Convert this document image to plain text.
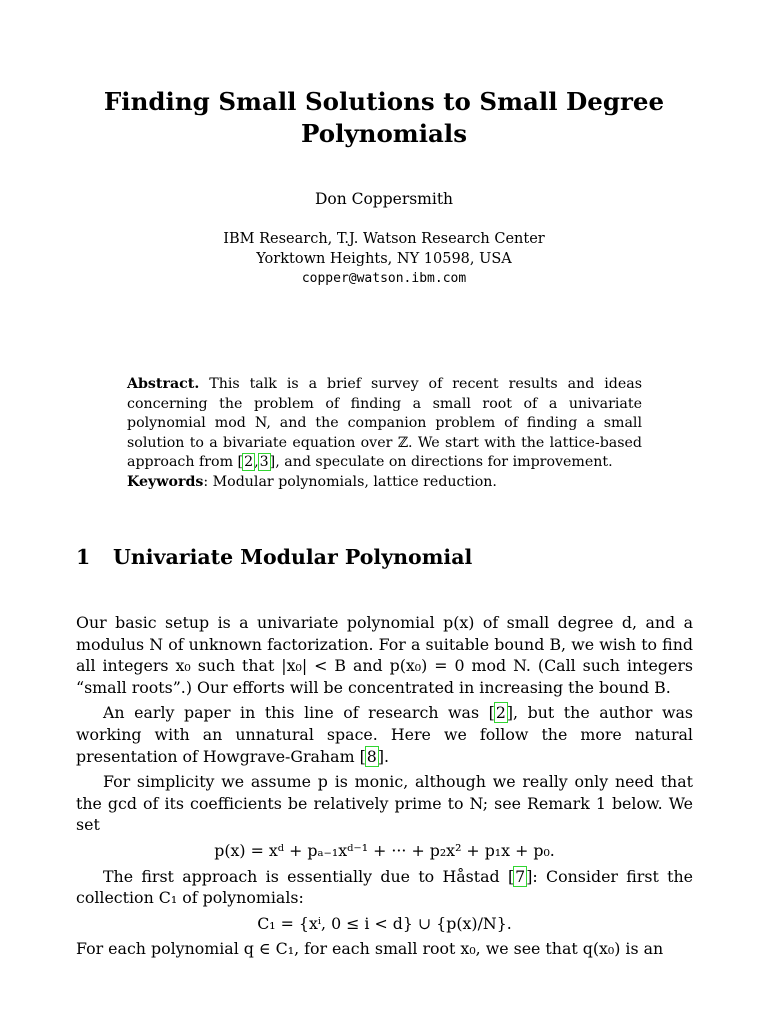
Finding Small Solutions to Small Degree Polynomials
Don Coppersmith
IBM Research, T.J. Watson Research Center
Yorktown Heights, NY 10598, USA
copper@watson.ibm.com
Abstract. This talk is a brief survey of recent results and ideas concerning the problem of finding a small root of a univariate polynomial mod N, and the companion problem of finding a small solution to a bivariate equation over ℤ. We start with the lattice-based approach from [2,3], and speculate on directions for improvement.
Keywords: Modular polynomials, lattice reduction.
1 Univariate Modular Polynomial

Our basic setup is a univariate polynomial p(x) of small degree d, and a modulus N of unknown factorization. For a suitable bound B, we wish to find all integers x₀ such that |x₀| < B and p(x₀) = 0 mod N. (Call such integers “small roots”.) Our efforts will be concentrated in increasing the bound B.

An early paper in this line of research was [2], but the author was working with an unnatural space. Here we follow the more natural presentation of Howgrave-Graham [8].

For simplicity we assume p is monic, although we really only need that the gcd of its coefficients be relatively prime to N; see Remark 1 below. We set

p(x) = xᵈ + pₐ₋₁xᵈ⁻¹ + ··· + p₂x² + p₁x + p₀.

The first approach is essentially due to Håstad [7]: Consider first the collection C₁ of polynomials:

C₁ = {xⁱ, 0 ≤ i < d} ∪ {p(x)/N}.

For each polynomial q ∈ C₁, for each small root x₀, we see that q(x₀) is an
